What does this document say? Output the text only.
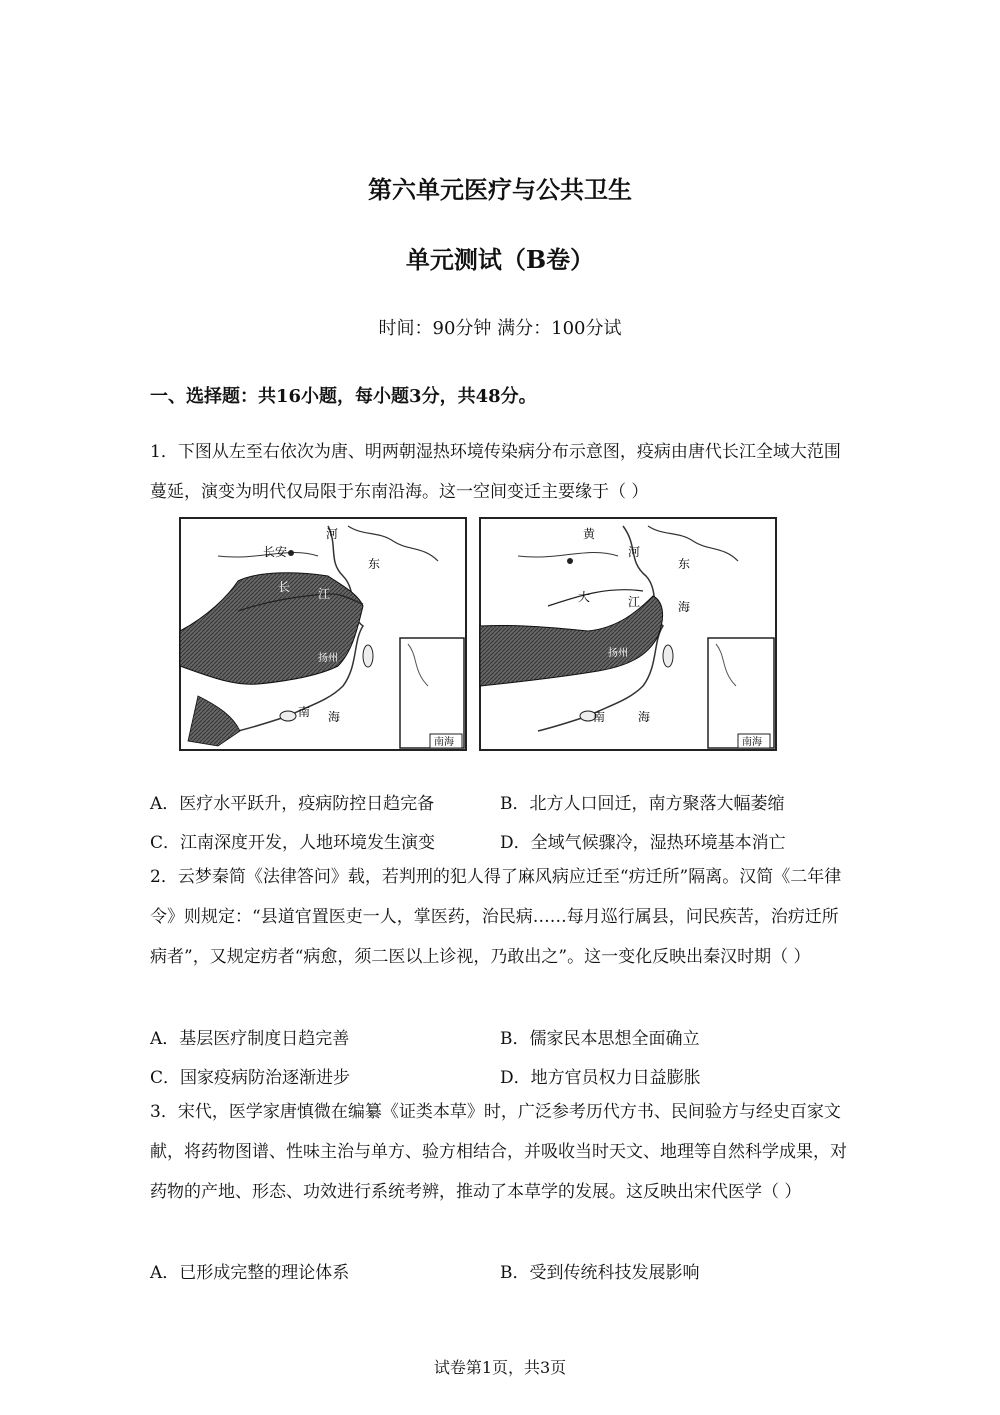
第六单元医疗与公共卫生
单元测试（B卷）
时间：90分钟 满分：100分试
一、选择题：共16小题，每小题3分，共48分。

1．下图从左至右依次为唐、明两朝湿热环境传染病分布示意图，疫病由唐代长江全域大范围蔓延，演变为明代仅局限于东南沿海。这一空间变迁主要缘于（ ）

长安
河
东
长 江
扬州
南 海
南海
黄
河
东
大	江	海
扬州
南	海
南海
A．医疗水平跃升，疫病防控日趋完备	B．北方人口回迁，南方聚落大幅萎缩
C．江南深度开发，人地环境发生演变	D．全域气候骤冷，湿热环境基本消亡

2．云梦秦简《法律答问》载，若判刑的犯人得了麻风病应迁至“疠迁所”隔离。汉简《二年律令》则规定：“县道官置医吏一人，掌医药，治民病……每月巡行属县，问民疾苦，治疠迁所病者”，又规定疠者“病愈，须二医以上诊视，乃敢出之”。这一变化反映出秦汉时期（ ）

A．基层医疗制度日趋完善	B．儒家民本思想全面确立
C．国家疫病防治逐渐进步	D．地方官员权力日益膨胀

3．宋代，医学家唐慎微在编纂《证类本草》时，广泛参考历代方书、民间验方与经史百家文献，将药物图谱、性味主治与单方、验方相结合，并吸收当时天文、地理等自然科学成果，对药物的产地、形态、功效进行系统考辨，推动了本草学的发展。这反映出宋代医学（ ）

A．已形成完整的理论体系	B．受到传统科技发展影响
试卷第1页，共3页
